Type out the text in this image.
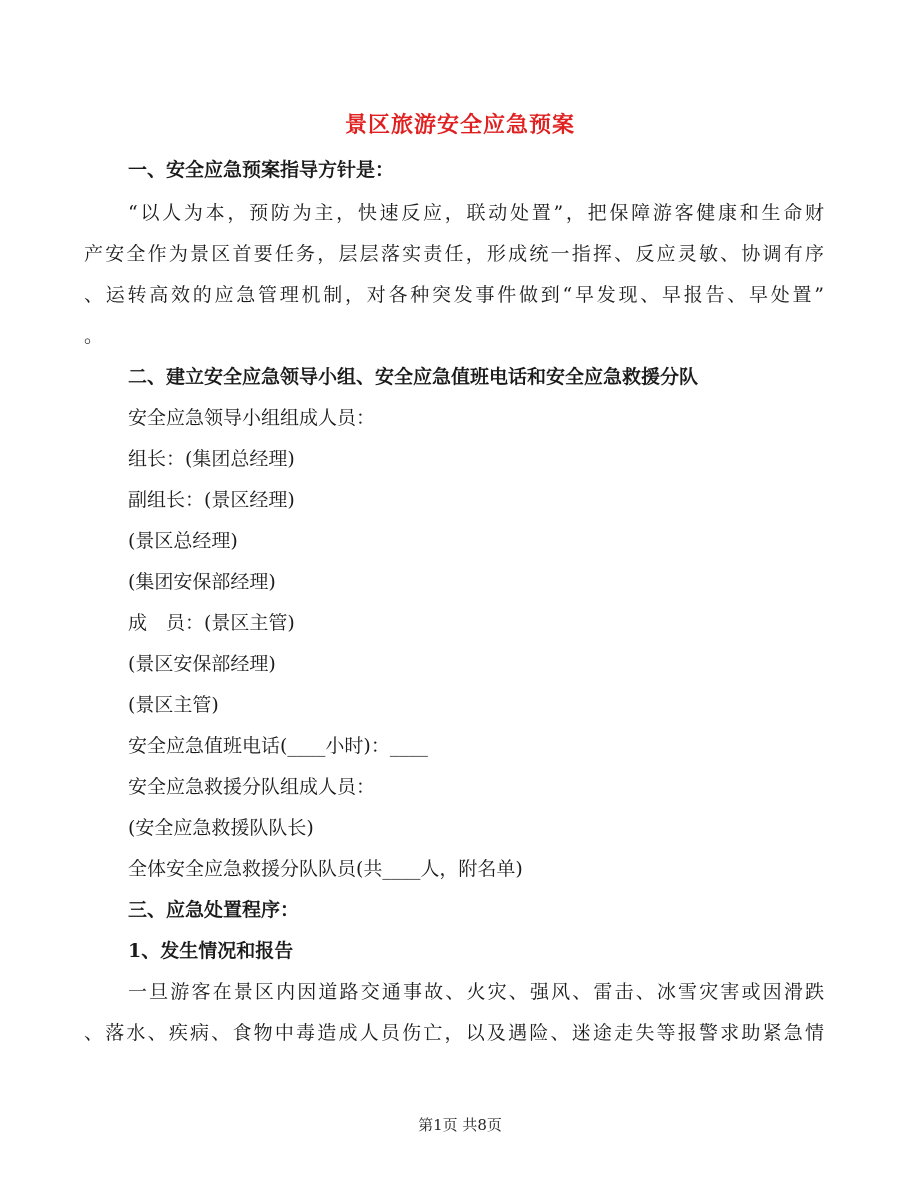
景区旅游安全应急预案

一、安全应急预案指导方针是：

“以人为本，预防为主，快速反应，联动处置”，把保障游客健康和生命财

产安全作为景区首要任务，层层落实责任，形成统一指挥、反应灵敏、协调有序

、运转高效的应急管理机制，对各种突发事件做到“早发现、早报告、早处置”

。

二、建立安全应急领导小组、安全应急值班电话和安全应急救援分队

安全应急领导小组组成人员：

组长：(集团总经理)

副组长：(景区经理)

(景区总经理)

(集团安保部经理)

成　员：(景区主管)

(景区安保部经理)

(景区主管)

安全应急值班电话(____小时)：____

安全应急救援分队组成人员：

(安全应急救援队队长)

全体安全应急救援分队队员(共____人，附名单)

三、应急处置程序：

1、发生情况和报告

一旦游客在景区内因道路交通事故、火灾、强风、雷击、冰雪灾害或因滑跌

、落水、疾病、食物中毒造成人员伤亡，以及遇险、迷途走失等报警求助紧急情

第1页 共8页
